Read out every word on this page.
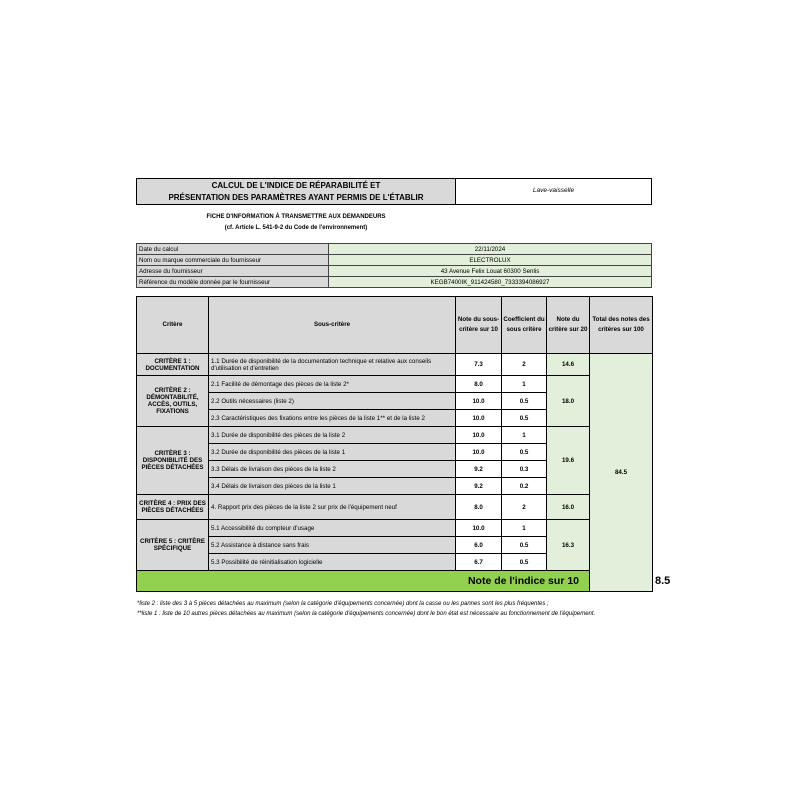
CALCUL DE L'INDICE DE RÉPARABILITÉ ET
PRÉSENTATION DES PARAMÈTRES AYANT PERMIS DE L'ÉTABLIR
Lave-vaisselle
FICHE D'INFORMATION À TRANSMETTRE AUX DEMANDEURS
(cf. Article L. 541-9-2 du Code de l'environnement)
Date du calcul	22/11/2024
Nom ou marque commerciale du fournisseur	ELECTROLUX
Adresse du fournisseur	43 Avenue Felix Louat 60300 Senlis
Référence du modèle donnée par le fournisseur	KEGB7400IK_911424580_7333394086927
Critère	Sous-critère	Note du sous-critère sur 10	Coefficient du sous critère	Note du critère sur 20	Total des notes des critères sur 100	
CRITÈRE 1 : DOCUMENTATION	1.1 Durée de disponibilité de la documentation technique et relative aux conseils d'utilisation et d'entretien	7.3	2	14.6	84.5	
CRITÈRE 2 : DÉMONTABILITÉ, ACCÈS, OUTILS, FIXATIONS	2.1 Facilité de démontage des pièces de la liste 2*	8.0	1	18.0		
	2.2 Outils nécessaires (liste 2)	10.0	0.5			
	2.3 Caractéristiques des fixations entre les pièces de la liste 1** et de la liste 2	10.0	0.5			
CRITÈRE 3 : DISPONIBILITÉ DES PIÈCES DÉTACHÉES	3.1 Durée de disponibilité des pièces de la liste 2	10.0	1	19.6		
	3.2 Durée de disponibilité des pièces de la liste 1	10.0	0.5			
	3.3 Délais de livraison des pièces de la liste 2	9.2	0.3			
	3.4 Délais de livraison des pièces de la liste 1	9.2	0.2			
CRITÈRE 4 : PRIX DES PIÈCES DÉTACHÉES	4. Rapport prix des pièces de la liste 2 sur prix de l'équipement neuf	8.0	2	16.0		
CRITÈRE 5 : CRITÈRE SPÉCIFIQUE	5.1 Accessibilité du compteur d'usage	10.0	1	16.3		
	5.2 Assistance à distance sans frais	6.0	0.5			
	5.3 Possibilité de réinitialisation logicielle	6.7	0.5			
Note de l'indice sur 10						8.5
*liste 2 : liste des 3 à 5 pièces détachées au maximum (selon la catégorie d'équipements concernée) dont la casse ou les pannes sont les plus fréquentes ;
**liste 1 : liste de 10 autres pièces détachées au maximum (selon la catégorie d'équipements concernée) dont le bon état est nécessaire au fonctionnement de l'équipement.
